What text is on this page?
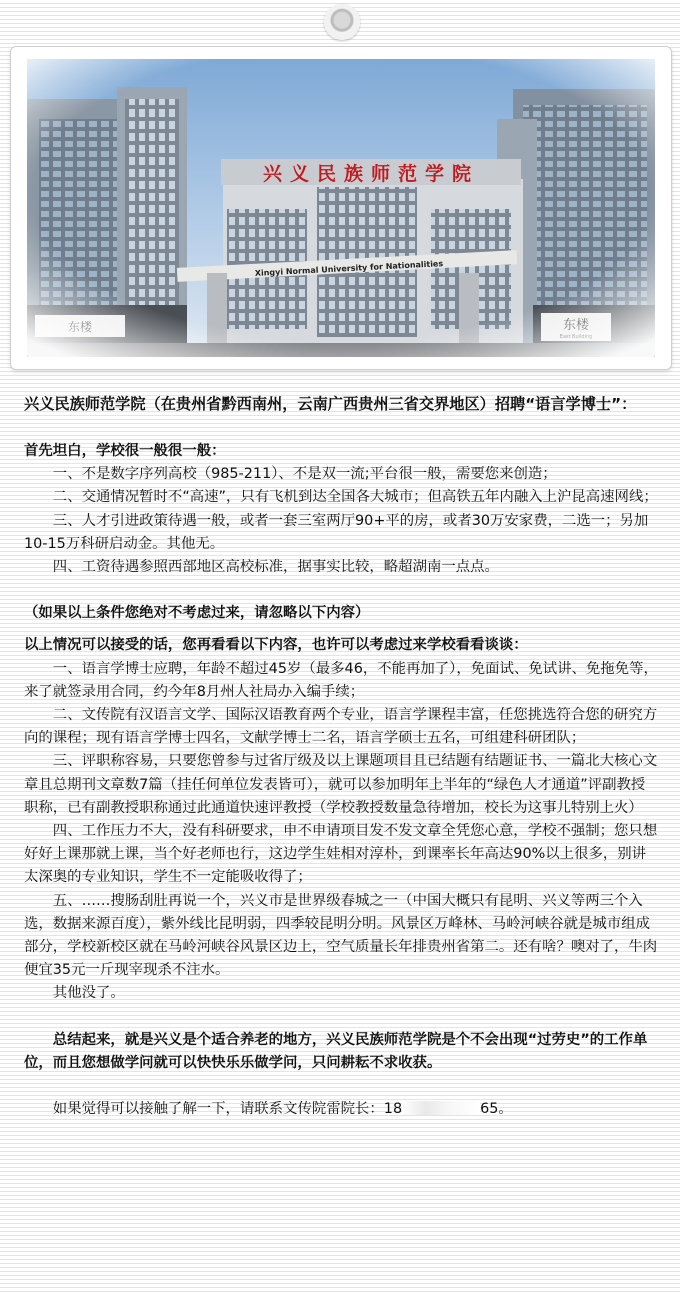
兴义民族师范学院（在贵州省黔西南州，云南广西贵州三省交界地区）招聘“语言学博士”：

首先坦白，学校很一般很一般：

一、不是数字序列高校（985-211）、不是双一流;平台很一般，需要您来创造；

二、交通情况暂时不“高速”，只有飞机到达全国各大城市；但高铁五年内融入上沪昆高速网线；

三、人才引进政策待遇一般，或者一套三室两厅90+平的房，或者30万安家费，二选一；另加10-15万科研启动金。其他无。

四、工资待遇参照西部地区高校标准，据事实比较，略超湖南一点点。

（如果以上条件您绝对不考虑过来，请忽略以下内容）

以上情况可以接受的话，您再看看以下内容，也许可以考虑过来学校看看谈谈：

一、语言学博士应聘，年龄不超过45岁（最多46，不能再加了），免面试、免试讲、免拖免等，来了就签录用合同，约今年8月州人社局办入编手续；

二、文传院有汉语言文学、国际汉语教育两个专业，语言学课程丰富，任您挑选符合您的研究方向的课程；现有语言学博士四名，文献学博士二名，语言学硕士五名，可组建科研团队；

三、评职称容易，只要您曾参与过省厅级及以上课题项目且已结题有结题证书、一篇北大核心文章且总期刊文章数7篇（挂任何单位发表皆可），就可以参加明年上半年的“绿色人才通道”评副教授职称，已有副教授职称通过此通道快速评教授（学校教授数量急待增加，校长为这事儿特别上火）

四、工作压力不大，没有科研要求，申不申请项目发不发文章全凭您心意，学校不强制；您只想好好上课那就上课，当个好老师也行，这边学生娃相对淳朴，到课率长年高达90%以上很多，别讲太深奥的专业知识，学生不一定能吸收得了；

五、……搜肠刮肚再说一个，兴义市是世界级春城之一（中国大概只有昆明、兴义等两三个入选，数据来源百度），紫外线比昆明弱，四季较昆明分明。风景区万峰林、马岭河峡谷就是城市组成部分，学校新校区就在马岭河峡谷风景区边上，空气质量长年排贵州省第二。还有啥？噢对了，牛肉便宜35元一斤现宰现杀不注水。

其他没了。

总结起来，就是兴义是个适合养老的地方，兴义民族师范学院是个不会出现“过劳史”的工作单位，而且您想做学问就可以快快乐乐做学问，只问耕耘不求收获。

如果觉得可以接触了解一下，请联系文传院雷院长：18	65。
